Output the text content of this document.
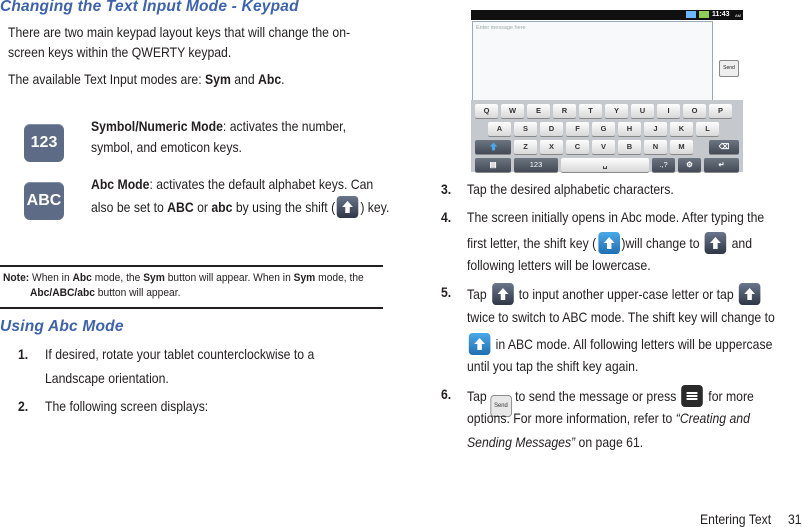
Changing the Text Input Mode - Keypad
There are two main keypad layout keys that will change the on-
screen keys within the QWERTY keypad.
The available Text Input modes are: Sym and Abc.
123
Symbol/Numeric Mode: activates the number,
symbol, and emoticon keys.
ABC
Abc Mode: activates the default alphabet keys. Can
also be set to ABC or abc by using the shift ( ) key.
Note: When in Abc mode, the Sym button will appear. When in Sym mode, the
Abc/ABC/abc button will appear.
Using Abc Mode
1. If desired, rotate your tablet counterclockwise to a
Landscape orientation.
2. The following screen displays:
11:43 AM
Enter message here
Send
Q	W	E	R	T	Y	U	I	O	P
A	S	D	F	G	H	J	K	L
Z	X	C	V	B	N	M	⌫
▤	123	␣	.,?	⚙	↵
3. Tap the desired alphabetic characters.
4. The screen initially opens in Abc mode. After typing the
first letter, the shift key ( )will change to
and
following letters will be lowercase.
5. Tap
to input another upper-case letter or tap
twice to switch to ABC mode. The shift key will change to
in ABC mode. All following letters will be uppercase
until you tap the shift key again.
6. Tap Send to send the message or press
for more
options. For more information, refer to “Creating and
Sending Messages” on page 61.
Entering Text 31
